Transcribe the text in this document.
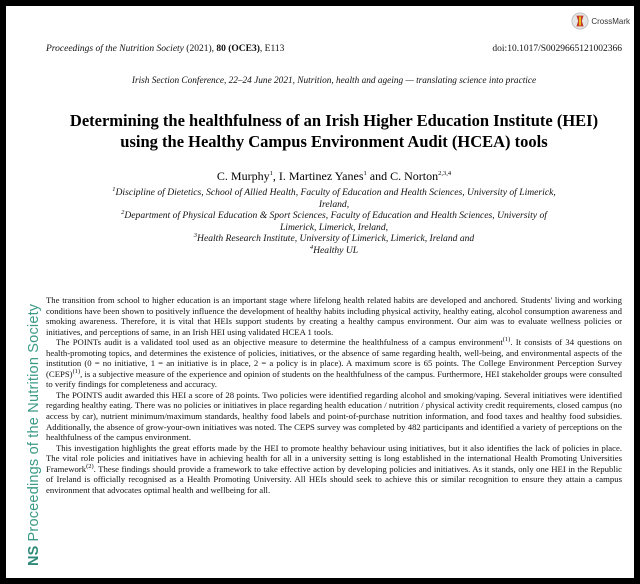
NSProceedings of the Nutrition Society
CrossMark
Proceedings of the Nutrition Society (2021), 80 (OCE3), E113	doi:10.1017/S0029665121002366
Irish Section Conference, 22–24 June 2021, Nutrition, health and ageing — translating science into practice
Determining the healthfulness of an Irish Higher Education Institute (HEI)
using the Healthy Campus Environment Audit (HCEA) tools
C. Murphy$^1$, I. Martinez Yanes$^1$ and C. Norton$^{2,3,4}$
$^1$Discipline of Dietetics, School of Allied Health, Faculty of Education and Health Sciences, University of Limerick,
Ireland,
$^2$Department of Physical Education & Sport Sciences, Faculty of Education and Health Sciences, University of
Limerick, Limerick, Ireland,
$^3$Health Research Institute, University of Limerick, Limerick, Ireland and
$^4$Healthy UL

The transition from school to higher education is an important stage where lifelong health related habits are developed and anchored. Students' living and working conditions have been shown to positively influence the development of healthy habits including physical activity, healthy eating, alcohol consumption awareness and smoking awareness. Therefore, it is vital that HEIs support students by creating a healthy campus environment. Our aim was to evaluate wellness policies or initiatives, and perceptions of same, in an Irish HEI using validated HCEA 1 tools.

The POINTs audit is a validated tool used as an objective measure to determine the healthfulness of a campus environment$^{(1)}$. It consists of 34 questions on health-promoting topics, and determines the existence of policies, initiatives, or the absence of same regarding health, well-being, and environmental aspects of the institution (0 = no initiative, 1 = an initiative is in place, 2 = a policy is in place). A maximum score is 65 points. The College Environment Perception Survey (CEPS)$^{(1)}$, is a subjective measure of the experience and opinion of students on the healthfulness of the campus. Furthermore, HEI stakeholder groups were consulted to verify findings for completeness and accuracy.

The POINTS audit awarded this HEI a score of 28 points. Two policies were identified regarding alcohol and smoking/vaping. Several initiatives were identified regarding healthy eating. There was no policies or initiatives in place regarding health education / nutrition / physical activity credit requirements, closed campus (no access by car), nutrient minimum/maximum standards, healthy food labels and point-of-purchase nutrition information, and food taxes and healthy food subsidies. Additionally, the absence of grow-your-own initiatives was noted. The CEPS survey was completed by 482 participants and identified a variety of perceptions on the healthfulness of the campus environment.

This investigation highlights the great efforts made by the HEI to promote healthy behaviour using initiatives, but it also identifies the lack of policies in place. The vital role policies and initiatives have in achieving health for all in a university setting is long established in the international Health Promoting Universities Framework$^{(2)}$. These findings should provide a framework to take effective action by developing policies and initiatives. As it stands, only one HEI in the Republic of Ireland is officially recognised as a Health Promoting University. All HEIs should seek to achieve this or similar recognition to ensure they attain a campus environment that advocates optimal health and wellbeing for all.
